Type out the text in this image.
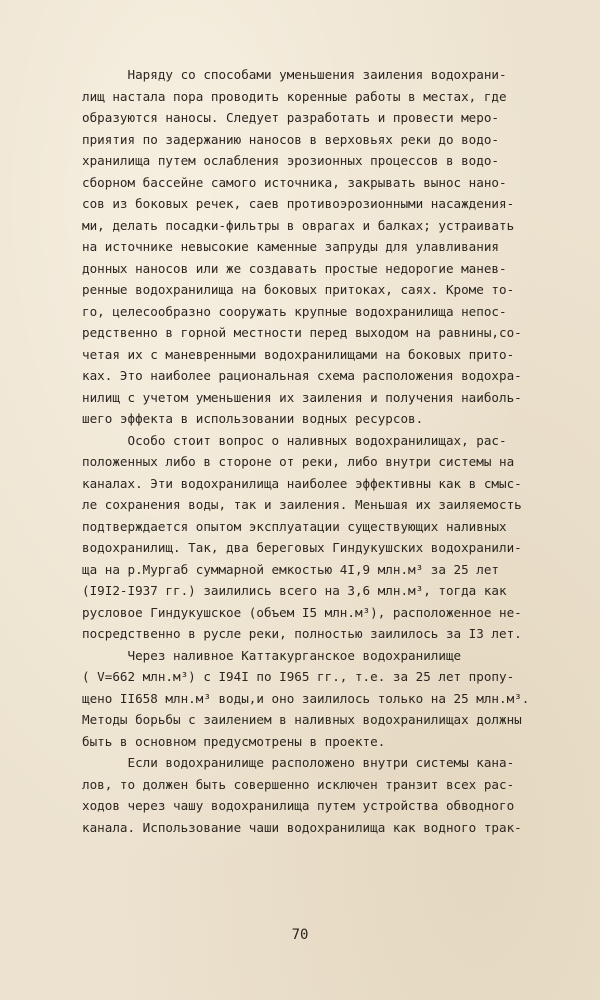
Наряду со способами уменьшения заиления водохрани-
лищ настала пора проводить коренные работы в местах, где
образуются наносы. Следует разработать и провести меро-
приятия по задержанию наносов в верховьях реки до водо-
хранилища путем ослабления эрозионных процессов в водо-
сборном бассейне самого источника, закрывать вынос нано-
сов из боковых речек, саев противоэрозионными насаждения-
ми, делать посадки-фильтры в оврагах и балках; устраивать
на источнике невысокие каменные запруды для улавливания
донных наносов или же создавать простые недорогие манев-
ренные водохранилища на боковых притоках, саях. Кроме то-
го, целесообразно сооружать крупные водохранилища непос-
редственно в горной местности перед выходом на равнины,со-
четая их с маневренными водохранилищами на боковых прито-
ках. Это наиболее рациональная схема расположения водохра-
нилищ с учетом уменьшения их заиления и получения наиболь-
шего эффекта в использовании водных ресурсов.
Особо стоит вопрос о наливных водохранилищах, рас-
положенных либо в стороне от реки, либо внутри системы на
каналах. Эти водохранилища наиболее эффективны как в смыс-
ле сохранения воды, так и заиления. Меньшая их заиляемость
подтверждается опытом эксплуатации существующих наливных
водохранилищ. Так, два береговых Гиндукушских водохранили-
ща на р.Мургаб суммарной емкостью 4I,9 млн.м³ за 25 лет
(I9I2-I937 гг.) заилились всего на 3,6 млн.м³, тогда как
русловое Гиндукушское (объем I5 млн.м³), расположенное не-
посредственно в русле реки, полностью заилилось за I3 лет.
Через наливное Каттакурганское водохранилище
( V=662 млн.м³) с I94I по I965 гг., т.е. за 25 лет пропу-
щено II658 млн.м³ воды,и оно заилилось только на 25 млн.м³.
Методы борьбы с заилением в наливных водохранилищах должны
быть в основном предусмотрены в проекте.
Если водохранилище расположено внутри системы кана-
лов, то должен быть совершенно исключен транзит всех рас-
ходов через чашу водохранилища путем устройства обводного
канала. Использование чаши водохранилища как водного трак-
70
